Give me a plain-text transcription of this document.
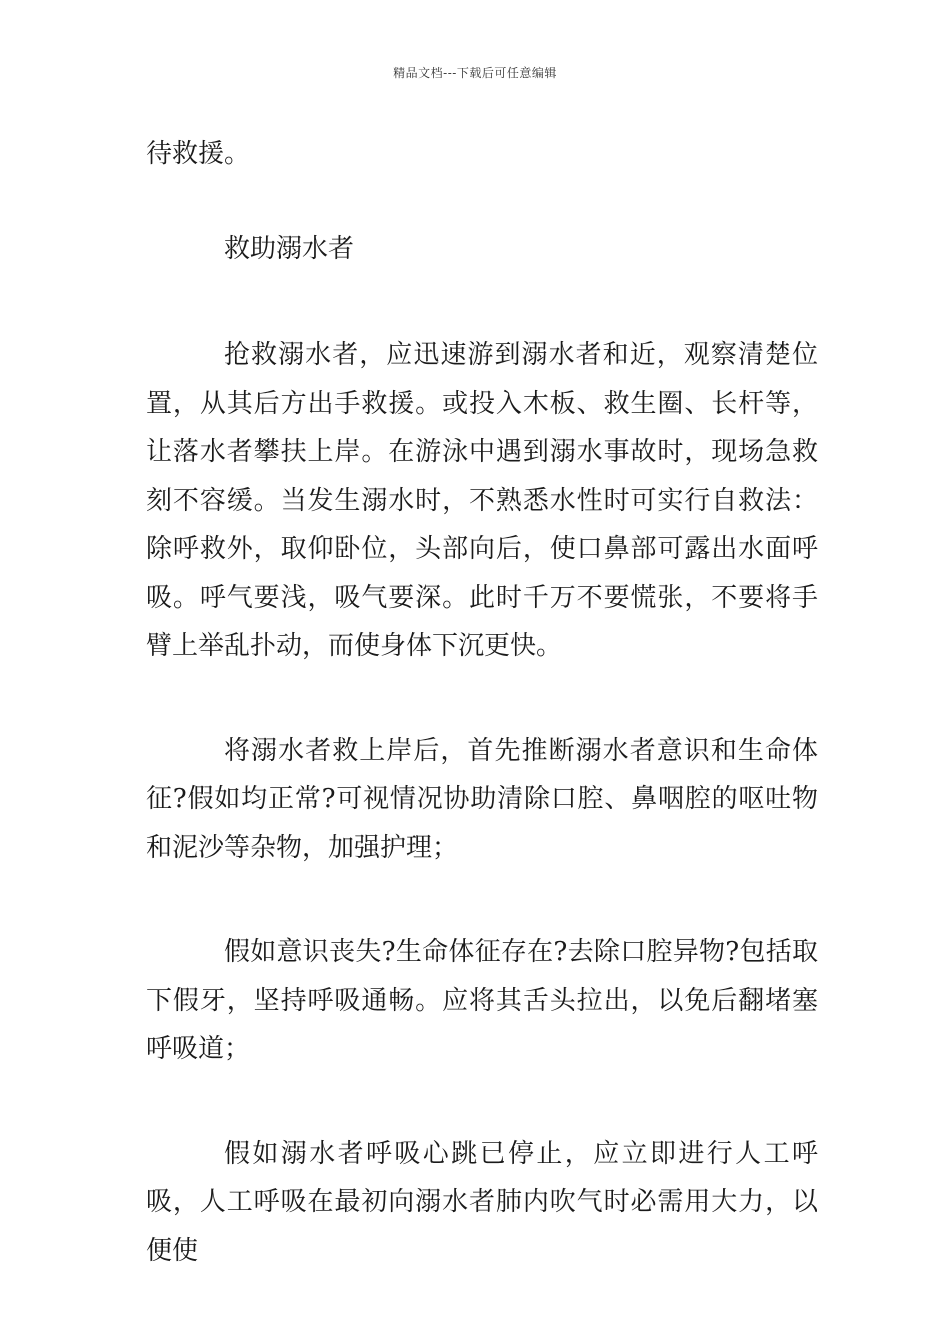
精品文档---下载后可任意编辑

待救援。

救助溺水者

抢救溺水者，应迅速游到溺水者和近，观察清楚位置，从其后方出手救援。或投入木板、救生圈、长杆等，让落水者攀扶上岸。在游泳中遇到溺水事故时，现场急救刻不容缓。当发生溺水时，不熟悉水性时可实行自救法：除呼救外，取仰卧位，头部向后，使口鼻部可露出水面呼吸。呼气要浅，吸气要深。此时千万不要慌张，不要将手臂上举乱扑动，而使身体下沉更快。

将溺水者救上岸后，首先推断溺水者意识和生命体征?假如均正常?可视情况协助清除口腔、鼻咽腔的呕吐物和泥沙等杂物，加强护理；

假如意识丧失?生命体征存在?去除口腔异物?包括取下假牙，坚持呼吸通畅。应将其舌头拉出，以免后翻堵塞呼吸道；

假如溺水者呼吸心跳已停止，应立即进行人工呼吸，人工呼吸在最初向溺水者肺内吹气时必需用大力，以便使
